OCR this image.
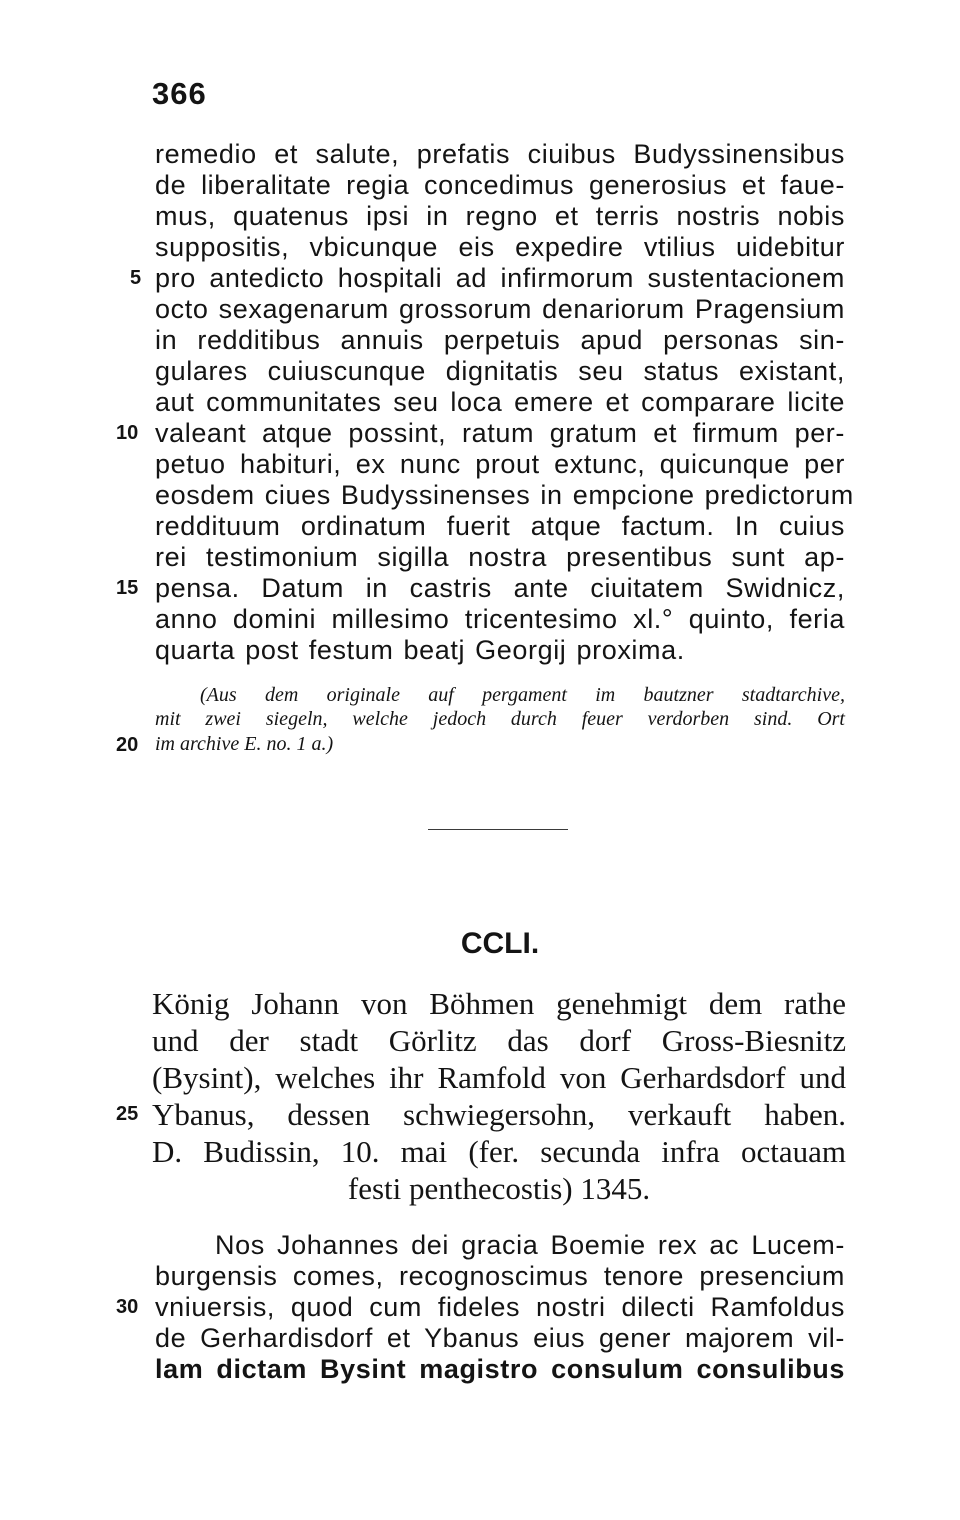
366
remedio et salute, prefatis ciuibus Budyssinensibus
de liberalitate regia concedimus generosius et faue-
mus, quatenus ipsi in regno et terris nostris nobis
suppositis, vbicunque eis expedire vtilius uidebitur
pro antedicto hospitali ad infirmorum sustentacionem
octo sexagenarum grossorum denariorum Pragensium
in redditibus annuis perpetuis apud personas sin-
gulares cuiuscunque dignitatis seu status existant,
aut communitates seu loca emere et comparare licite
valeant atque possint, ratum gratum et firmum per-
petuo habituri, ex nunc prout extunc, quicunque per
eosdem ciues Budyssinenses in empcione predictorum
reddituum ordinatum fuerit atque factum. In cuius
rei testimonium sigilla nostra presentibus sunt ap-
pensa. Datum in castris ante ciuitatem Swidnicz,
anno domini millesimo tricentesimo xl.° quinto, feria
quarta post festum beatj Georgij proxima.
(Aus dem originale auf pergament im bautzner stadtarchive,
mit zwei siegeln, welche jedoch durch feuer verdorben sind. Ort
im archive E. no. 1 a.)
CCLI.
König Johann von Böhmen genehmigt dem rathe
und der stadt Görlitz das dorf Gross-Biesnitz
(Bysint), welches ihr Ramfold von Gerhardsdorf und
Ybanus, dessen schwiegersohn, verkauft haben.
D. Budissin, 10. mai (fer. secunda infra octauam
festi penthecostis) 1345.
Nos Johannes dei gracia Boemie rex ac Lucem-
burgensis comes, recognoscimus tenore presencium
vniuersis, quod cum fideles nostri dilecti Ramfoldus
de Gerhardisdorf et Ybanus eius gener majorem vil-
lam dictam Bysint magistro consulum consulibus
5
10
15
20
25
30
